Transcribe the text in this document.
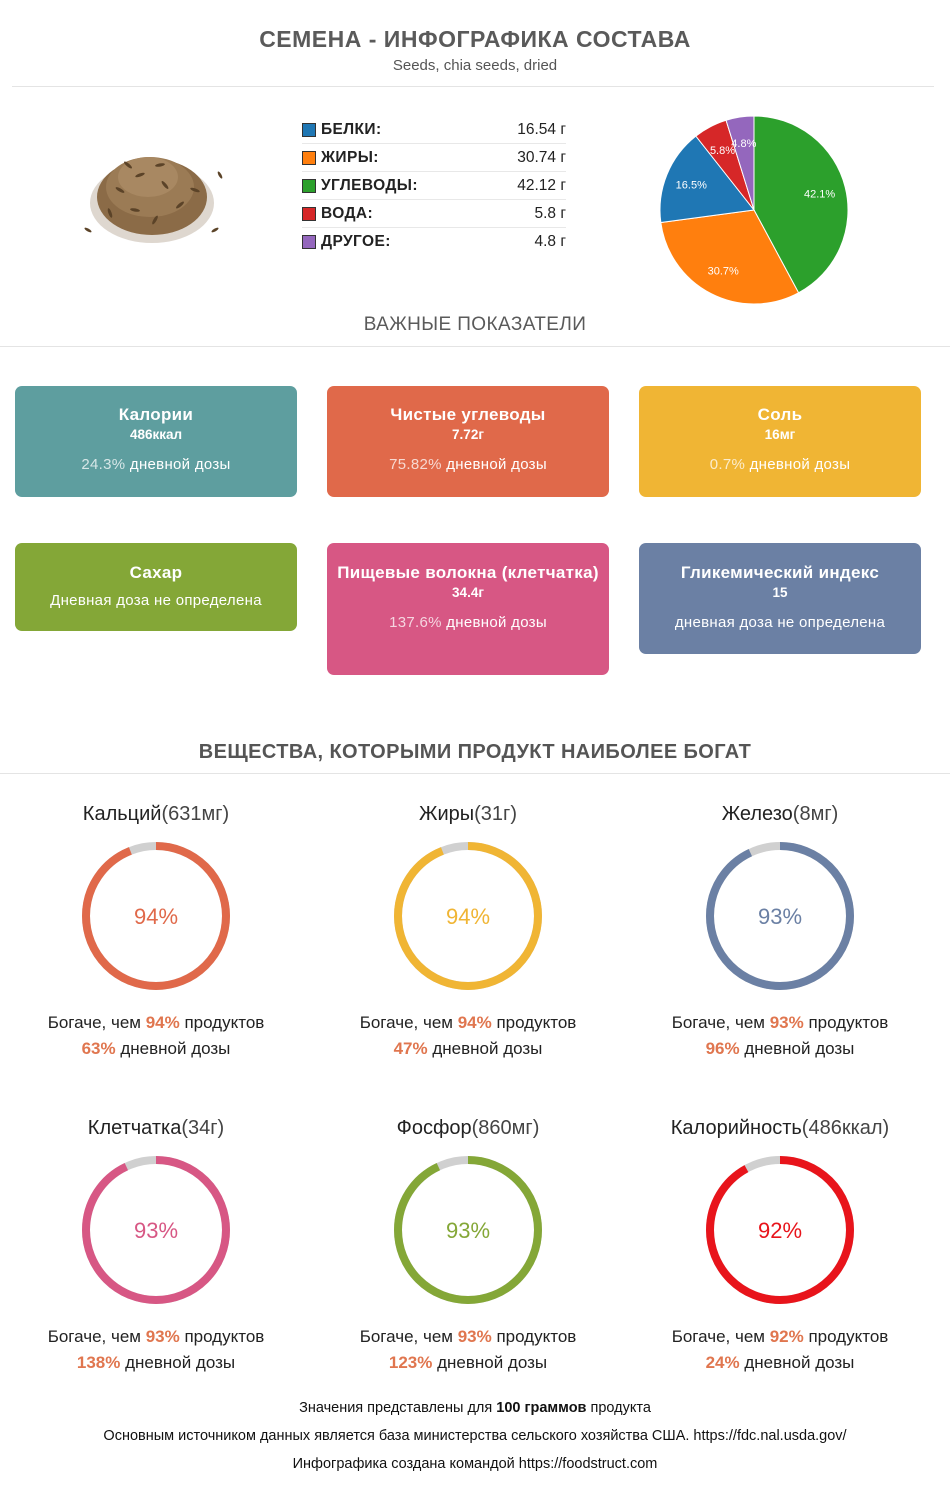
СЕМЕНА - ИНФОГРАФИКА СОСТАВА
Seeds, chia seeds, dried
БЕЛКИ:	16.54 г
ЖИРЫ:	30.74 г
УГЛЕВОДЫ:	42.12 г
ВОДА:	5.8 г
ДРУГОЕ:	4.8 г
42.1%
30.7%
16.5%
5.8%
4.8%
ВАЖНЫЕ ПОКАЗАТЕЛИ
Калории
486ккал
24.3% дневной дозы
Чистые углеводы
7.72г
75.82% дневной дозы
Соль
16мг
0.7% дневной дозы
Сахар
Дневная доза не определена
Пищевые волокна (клетчатка)
34.4г
137.6% дневной дозы
Гликемический индекс
15
дневная доза не определена
ВЕЩЕСТВА, КОТОРЫМИ ПРОДУКТ НАИБОЛЕЕ БОГАТ
Кальций(631мг)
94%
Богаче, чем 94% продуктов
63% дневной дозы
Жиры(31г)
94%
Богаче, чем 94% продуктов
47% дневной дозы
Железо(8мг)
93%
Богаче, чем 93% продуктов
96% дневной дозы
Клетчатка(34г)
93%
Богаче, чем 93% продуктов
138% дневной дозы
Фосфор(860мг)
93%
Богаче, чем 93% продуктов
123% дневной дозы
Калорийность(486ккал)
92%
Богаче, чем 92% продуктов
24% дневной дозы
Значения представлены для 100 граммов продукта
Основным источником данных является база министерства сельского хозяйства США. https://fdc.nal.usda.gov/
Инфографика создана командой https://foodstruct.com
